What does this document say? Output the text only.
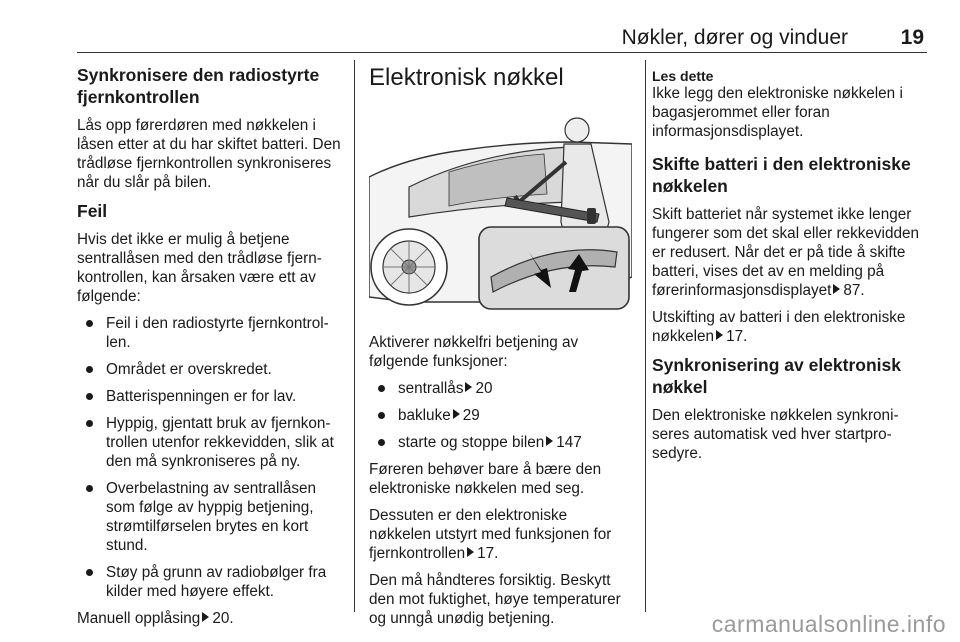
Nøkler, dører og vinduer	19
Synkronisere den radiostyrte fjernkontrollen

Lås opp førerdøren med nøkkelen i låsen etter at du har skiftet batteri. Den trådløse fjernkontrollen synkroniseres når du slår på bilen.

Feil

Hvis det ikke er mulig å betjene sentrallåsen med den trådløse fjernkontrollen, kan årsaken være ett av følgende:

Feil i den radiostyrte fjernkontrollen.
Området er overskredet.
Batterispenningen er for lav.
Hyppig, gjentatt bruk av fjernkontrollen utenfor rekkevidden, slik at den må synkroniseres på ny.
Overbelastning av sentrallåsen som følge av hyppig betjening, strømtilførselen brytes en kort stund.
Støy på grunn av radiobølger fra kilder med høyere effekt.

Manuell opplåsing 20.

Elektronisk nøkkel

Aktiverer nøkkelfri betjening av følgende funksjoner:

sentrallås 20
bakluke 29
starte og stoppe bilen 147

Føreren behøver bare å bære den elektroniske nøkkelen med seg.

Dessuten er den elektroniske nøkkelen utstyrt med funksjonen for fjernkontrollen 17.

Den må håndteres forsiktig. Beskytt den mot fuktighet, høye temperaturer og unngå unødig betjening.

Les dette

Ikke legg den elektroniske nøkkelen i bagasjerommet eller foran informasjonsdisplayet.

Skifte batteri i den elektroniske nøkkelen

Skift batteriet når systemet ikke lenger fungerer som det skal eller rekkevidden er redusert. Når det er på tide å skifte batteri, vises det av en melding på førerinformasjonsdisplayet 87.

Utskifting av batteri i den elektroniske nøkkelen 17.

Synkronisering av elektronisk nøkkel

Den elektroniske nøkkelen synkroniseres automatisk ved hver startprosedyre.

carmanualsonline.info
